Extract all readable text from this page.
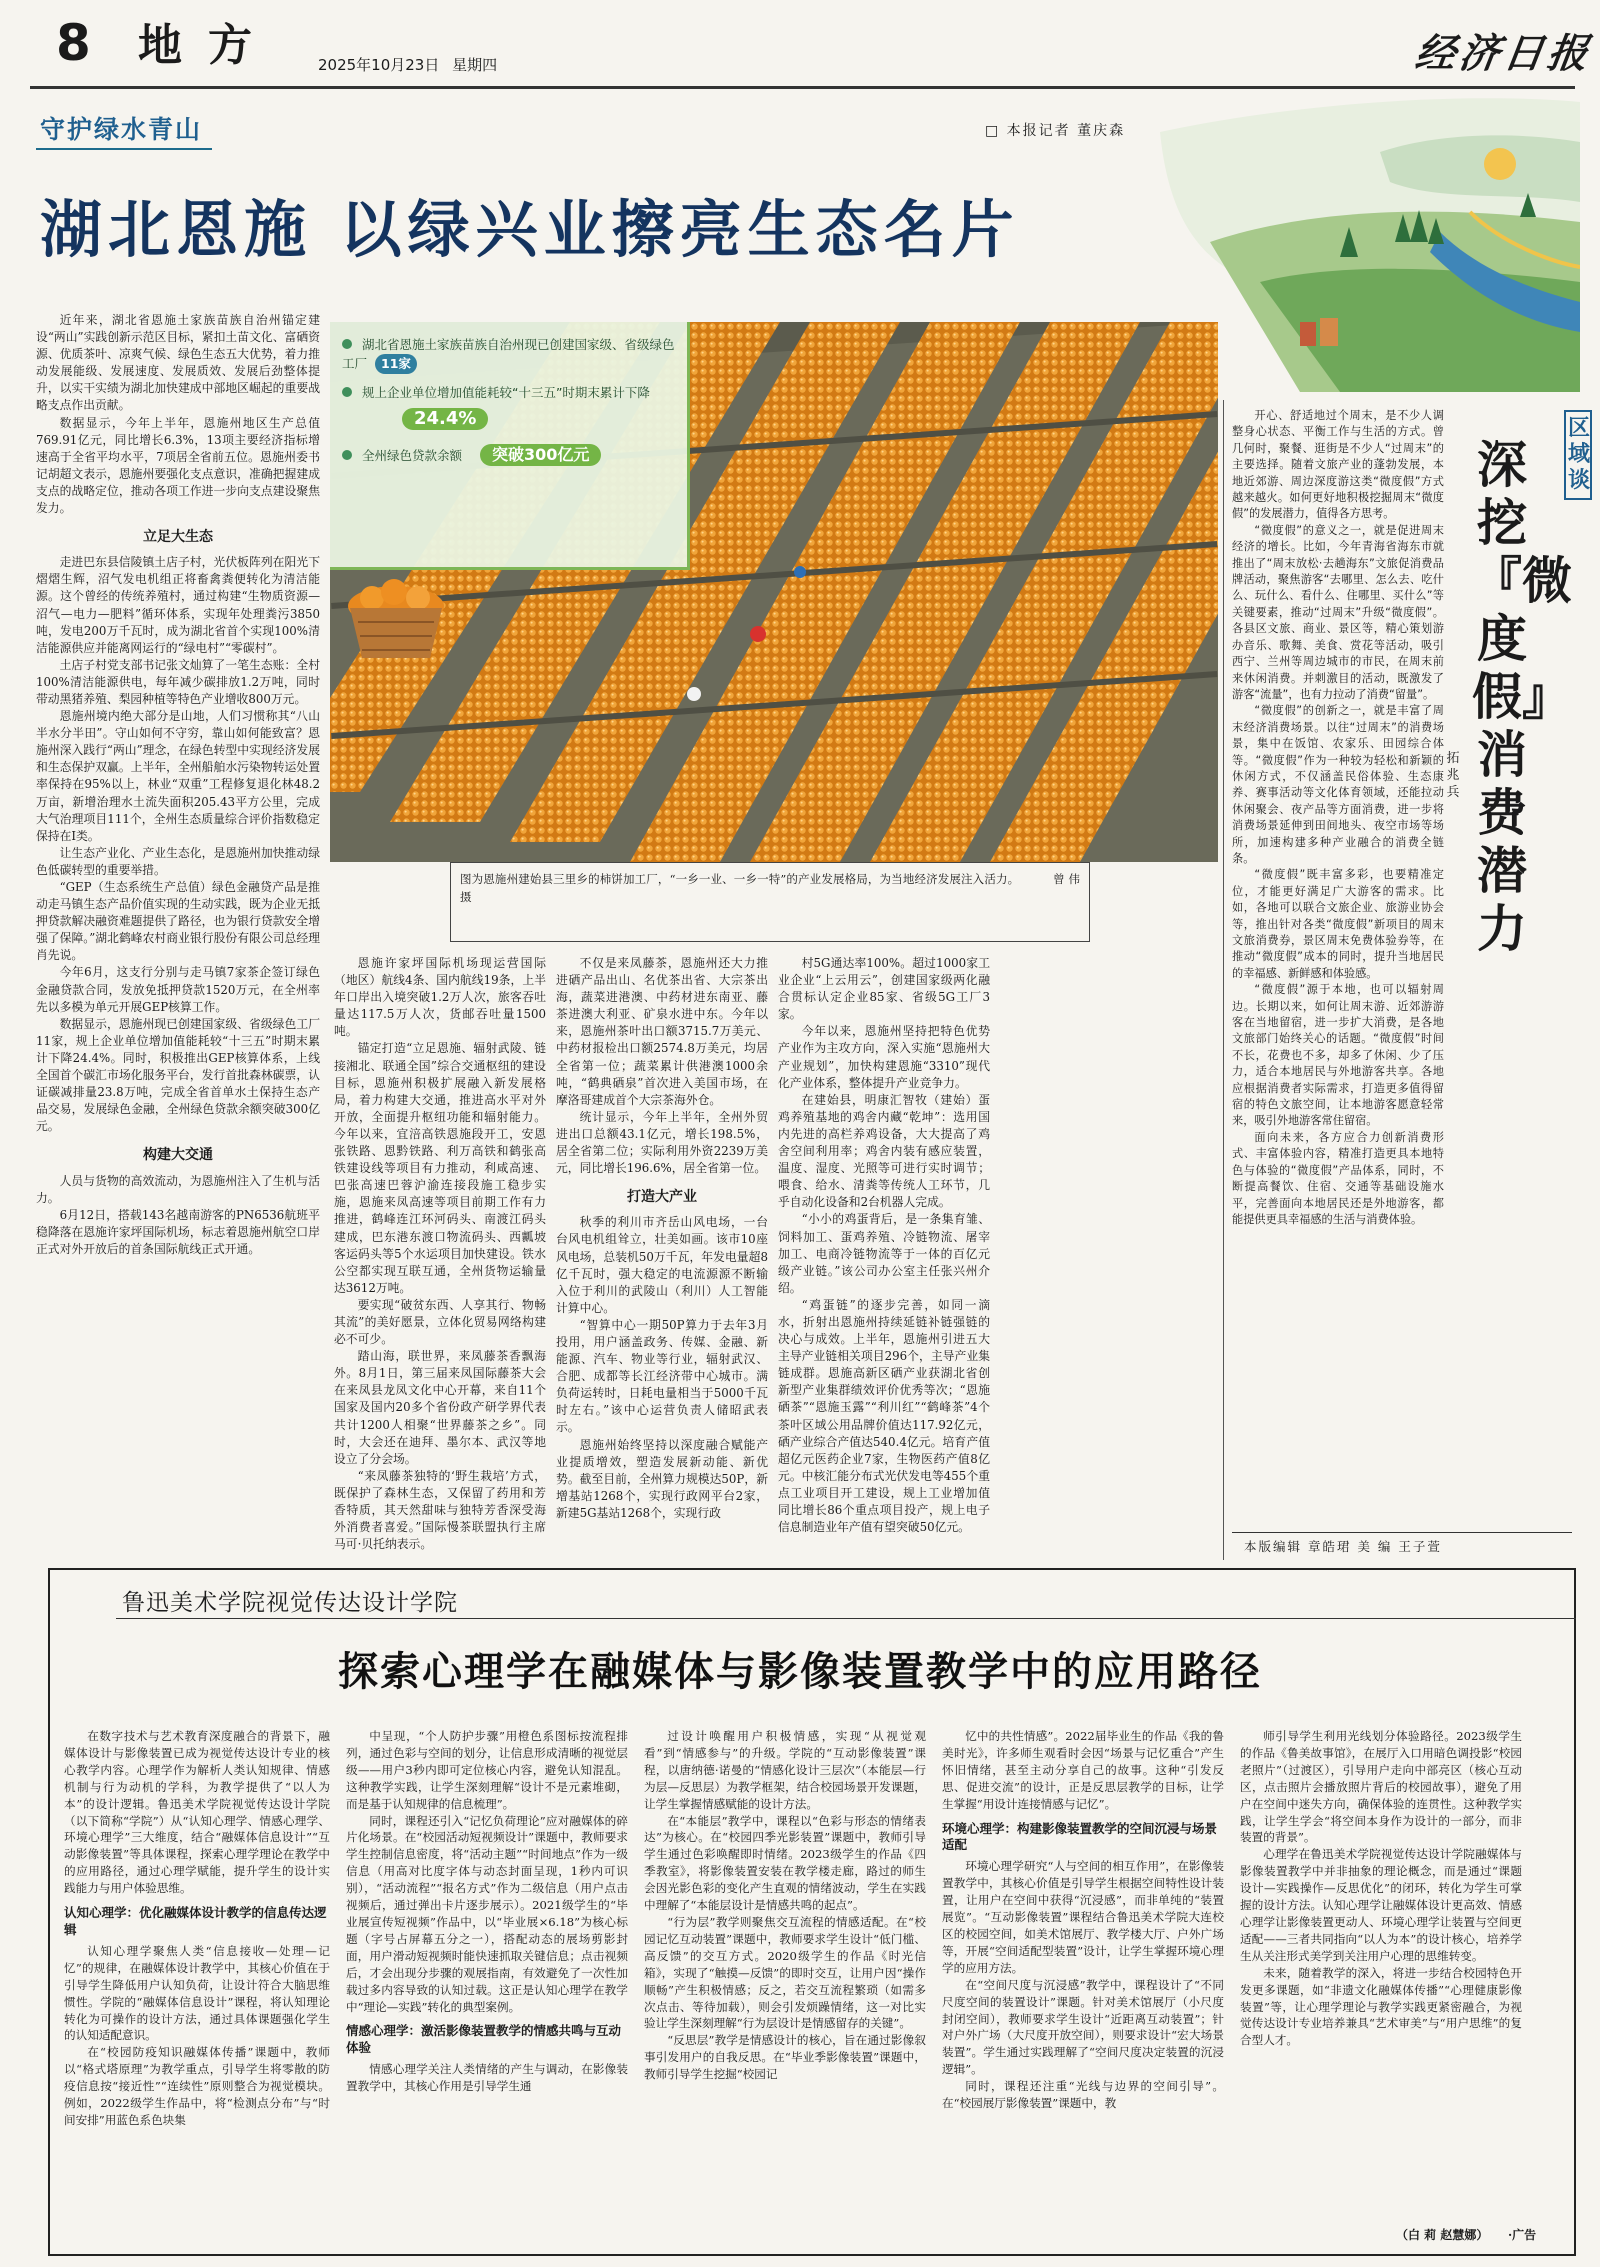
8 地方	2025年10月23日 星期四	经济日报
守护绿水青山	□ 本报记者 董庆森
湖北恩施 以绿兴业擦亮生态名片
湖北省恩施土家族苗族自治州现已创建国家级、省级绿色工厂 11家
规上企业单位增加值能耗较“十三五”时期末累计下降 24.4%
全州绿色贷款余额 突破300亿元
图为恩施州建始县三里乡的柿饼加工厂，“一乡一业、一乡一特”的产业发展格局，为当地经济发展注入活力。	曾 伟摄

近年来，湖北省恩施土家族苗族自治州锚定建设“两山”实践创新示范区目标，紧扣土苗文化、富硒资源、优质茶叶、凉爽气候、绿色生态五大优势，着力推动发展能级、发展速度、发展质效、发展后劲整体提升，以实干实绩为湖北加快建成中部地区崛起的重要战略支点作出贡献。

数据显示，今年上半年，恩施州地区生产总值769.91亿元，同比增长6.3%，13项主要经济指标增速高于全省平均水平，7项居全省前五位。恩施州委书记胡超文表示，恩施州要强化支点意识，准确把握建成支点的战略定位，推动各项工作进一步向支点建设聚焦发力。

立足大生态

走进巴东县信陵镇土店子村，光伏板阵列在阳光下熠熠生辉，沼气发电机组正将畜禽粪便转化为清洁能源。这个曾经的传统养殖村，通过构建“生物质资源—沼气—电力—肥料”循环体系，实现年处理粪污3850吨，发电200万千瓦时，成为湖北省首个实现100%清洁能源供应并能离网运行的“绿电村”“零碳村”。

土店子村党支部书记张文灿算了一笔生态账：全村100%清洁能源供电，每年减少碳排放1.2万吨，同时带动黑猪养殖、梨园种植等特色产业增收800万元。

恩施州境内绝大部分是山地，人们习惯称其“八山半水分半田”。守山如何不守穷，靠山如何能致富？恩施州深入践行“两山”理念，在绿色转型中实现经济发展和生态保护双赢。上半年，全州船舶水污染物转运处置率保持在95%以上，林业“双重”工程修复退化林48.2万亩，新增治理水土流失面积205.43平方公里，完成大气治理项目111个，全州生态质量综合评价指数稳定保持在Ⅰ类。

让生态产业化、产业生态化，是恩施州加快推动绿色低碳转型的重要举措。

“GEP（生态系统生产总值）绿色金融贷产品是推动走马镇生态产品价值实现的生动实践，既为企业无抵押贷款解决融资难题提供了路径，也为银行贷款安全增强了保障。”湖北鹤峰农村商业银行股份有限公司总经理肖先说。

今年6月，这支行分别与走马镇7家茶企签订绿色金融贷款合同，发放免抵押贷款1520万元，在全州率先以多模为单元开展GEP核算工作。

数据显示，恩施州现已创建国家级、省级绿色工厂11家，规上企业单位增加值能耗较“十三五”时期末累计下降24.4%。同时，积极推出GEP核算体系，上线全国首个碳汇市场化服务平台，发行首批森林碳票，认证碳减排量23.8万吨，完成全省首单水土保持生态产品交易，发展绿色金融，全州绿色贷款余额突破300亿元。

构建大交通

人员与货物的高效流动，为恩施州注入了生机与活力。

6月12日，搭载143名越南游客的PN6536航班平稳降落在恩施许家坪国际机场，标志着恩施州航空口岸正式对外开放后的首条国际航线正式开通。

恩施许家坪国际机场现运营国际（地区）航线4条、国内航线19条，上半年口岸出入境突破1.2万人次，旅客吞吐量达117.5万人次，货邮吞吐量1500吨。

锚定打造“立足恩施、辐射武陵、链接湘北、联通全国”综合交通枢纽的建设目标，恩施州积极扩展融入新发展格局，着力构建大交通，推进高水平对外开放，全面提升枢纽功能和辐射能力。今年以来，宜涪高铁恩施段开工，安恩张铁路、恩黔铁路、利万高铁和鹤张高铁建设线等项目有力推动，利咸高速、巴张高速巴蓉沪渝连接段施工稳步实施，恩施来凤高速等项目前期工作有力推进，鹤峰连江环河码头、南渡江码头建成，巴东港东渡口物流码头、西瓤坡客运码头等5个水运项目加快建设。铁水公空都实现互联互通，全州货物运输量达3612万吨。

要实现“破贫东西、人享其行、物畅其流”的美好愿景，立体化贸易网络构建必不可少。

踏山海，联世界，来凤藤茶香飘海外。8月1日，第三届来凤国际藤茶大会在来凤县龙凤文化中心开幕，来自11个国家及国内20多个省份政产研学界代表共计1200人相聚“世界藤茶之乡”。同时，大会还在迪拜、墨尔本、武汉等地设立了分会场。

“来凤藤茶独特的‘野生栽培’方式，既保护了森林生态，又保留了药用和芳香特质，其天然甜味与独特芳香深受海外消费者喜爱。”国际慢茶联盟执行主席马可·贝托纳表示。

不仅是来凤藤茶，恩施州还大力推进硒产品出山、名优茶出省、大宗茶出海，蔬菜进港澳、中药材进东南亚、藤茶进澳大利亚、矿泉水进中东。今年以来，恩施州茶叶出口额3715.7万美元、中药材报检出口额2574.8万美元，均居全省第一位；蔬菜累计供港澳1000余吨，“鹤典硒泉”首次进入美国市场，在摩洛哥建成首个大宗茶海外仓。

统计显示，今年上半年，全州外贸进出口总额43.1亿元，增长198.5%，居全省第二位；实际利用外资2239万美元，同比增长196.6%，居全省第一位。

打造大产业

秋季的利川市齐岳山风电场，一台台风电机组耸立，壮美如画。该市10座风电场，总装机50万千瓦，年发电量超8亿千瓦时，强大稳定的电流源源不断输入位于利川的武陵山（利川）人工智能计算中心。

“智算中心一期50P算力于去年3月投用，用户涵盖政务、传媒、金融、新能源、汽车、物业等行业，辐射武汉、合肥、成都等长江经济带中心城市。满负荷运转时，日耗电量相当于5000千瓦时左右。”该中心运营负责人储昭武表示。

恩施州始终坚持以深度融合赋能产业提质增效，塑造发展新动能、新优势。截至目前，全州算力规模达50P，新增基站1268个，实现行政网平台2家，新建5G基站1268个，实现行政

村5G通达率100%。超过1000家工业企业“上云用云”，创建国家级两化融合贯标认定企业85家、省级5G工厂3家。

今年以来，恩施州坚持把特色优势产业作为主攻方向，深入实施“恩施州大产业规划”，加快构建恩施“3310”现代化产业体系，整体提升产业竞争力。

在建始县，明康汇智牧（建始）蛋鸡养殖基地的鸡舍内藏“乾坤”：选用国内先进的高栏养鸡设备，大大提高了鸡舍空间利用率；鸡舍内装有感应装置，温度、湿度、光照等可进行实时调节；喂食、给水、清粪等传统人工环节，几乎自动化设备和2台机器人完成。

“小小的鸡蛋背后，是一条集育雏、饲料加工、蛋鸡养殖、冷链物流、屠宰加工、电商冷链物流等于一体的百亿元级产业链。”该公司办公室主任张兴州介绍。

“鸡蛋链”的逐步完善，如同一滴水，折射出恩施州持续延链补链强链的决心与成效。上半年，恩施州引进五大主导产业链相关项目296个，主导产业集链成群。恩施高新区硒产业获湖北省创新型产业集群绩效评价优秀等次；“恩施硒茶”“恩施玉露”“利川红”“鹤峰茶”4个茶叶区域公用品牌价值达117.92亿元，硒产业综合产值达540.4亿元。培育产值超亿元医药企业7家，生物医药产值8亿元。中核汇能分布式光伏发电等455个重点工业项目开工建设，规上工业增加值同比增长86个重点项目投产，规上电子信息制造业年产值有望突破50亿元。

开心、舒适地过个周末，是不少人调整身心状态、平衡工作与生活的方式。曾几何时，聚餐、逛街是不少人“过周末”的主要选择。随着文旅产业的蓬勃发展，本地近郊游、周边深度游这类“微度假”方式越来越火。如何更好地积极挖掘周末“微度假”的发展潜力，值得各方思考。

“微度假”的意义之一，就是促进周末经济的增长。比如，今年青海省海东市就推出了“周末放松·去趟海东”文旅促消费品牌活动，聚焦游客“去哪里、怎么去、吃什么、玩什么、看什么、住哪里、买什么”等关键要素，推动“过周末”升级“微度假”。各县区文旅、商业、景区等，精心策划游办音乐、歌舞、美食、赏花等活动，吸引西宁、兰州等周边城市的市民，在周末前来休闲消费。并刺激目的活动，既激发了游客“流量”，也有力拉动了消费“留量”。

“微度假”的创新之一，就是丰富了周末经济消费场景。以往“过周末”的消费场景，集中在饭馆、农家乐、田园综合体等。“微度假”作为一种较为轻松和新颖的休闲方式，不仅涵盖民俗体验、生态康养、赛事活动等文化体育领域，还能拉动休闲聚会、夜产品等方面消费，进一步将消费场景延伸到田间地头、夜空市场等场所，加速构建多种产业融合的消费全链条。

“微度假”既丰富多彩，也要精准定位，才能更好满足广大游客的需求。比如，各地可以联合文旅企业、旅游业协会等，推出针对各类“微度假”新项目的周末文旅消费券，景区周末免费体验券等，在推动“微度假”成本的同时，提升当地居民的幸福感、新鲜感和体验感。

“微度假”源于本地，也可以辐射周边。长期以来，如何让周末游、近郊游游客在当地留宿，进一步扩大消费，是各地文旅部门始终关心的话题。“微度假”时间不长，花费也不多，却多了休闲、少了压力，适合本地居民与外地游客共享。各地应根据消费者实际需求，打造更多值得留宿的特色文旅空间，让本地游客愿意轻常来，吸引外地游客常住留宿。

面向未来，各方应合力创新消费形式、丰富体验内容，精准打造更具本地特色与体验的“微度假”产品体系，同时，不断提高餐饮、住宿、交通等基础设施水平，完善面向本地居民还是外地游客，都能提供更具幸福感的生活与消费体验。

区域谈
深挖『微度假』消费潜力
拓兆兵
本版编辑 章皓珺 美 编 王子萱
鲁迅美术学院视觉传达设计学院
探索心理学在融媒体与影像装置教学中的应用路径

在数字技术与艺术教育深度融合的背景下，融媒体设计与影像装置已成为视觉传达设计专业的核心教学内容。心理学作为解析人类认知规律、情感机制与行为动机的学科，为教学提供了“以人为本”的设计逻辑。鲁迅美术学院视觉传达设计学院（以下简称“学院”）从“认知心理学、情感心理学、环境心理学”三大维度，结合“融媒体信息设计”“互动影像装置”等具体课程，探索心理学理论在教学中的应用路径，通过心理学赋能，提升学生的设计实践能力与用户体验思维。

认知心理学：优化融媒体设计教学的信息传达逻辑

认知心理学聚焦人类“信息接收—处理—记忆”的规律，在融媒体设计教学中，其核心价值在于引导学生降低用户认知负荷，让设计符合大脑思维惯性。学院的“融媒体信息设计”课程，将认知理论转化为可操作的设计方法，通过具体课题强化学生的认知适配意识。

在“校园防疫知识融媒体传播”课题中，教师以“格式塔原理”为教学重点，引导学生将零散的防疫信息按“接近性”“连续性”原则整合为视觉模块。例如，2022级学生作品中，将“检测点分布”与“时间安排”用蓝色系色块集

中呈现，“个人防护步骤”用橙色系图标按流程排列，通过色彩与空间的划分，让信息形成清晰的视觉层级——用户3秒内即可定位核心内容，避免认知混乱。这种教学实践，让学生深刻理解“设计不是元素堆砌，而是基于认知规律的信息梳理”。

同时，课程还引入“记忆负荷理论”应对融媒体的碎片化场景。在“校园活动短视频设计”课题中，教师要求学生控制信息密度，将“活动主题”“时间地点”作为一级信息（用高对比度字体与动态封面呈现，1秒内可识别），“活动流程”“报名方式”作为二级信息（用户点击视频后，通过弹出卡片逐步展示）。2021级学生的“毕业展宣传短视频”作品中，以“毕业展×6.18”为核心标题（字号占屏幕五分之一），搭配动态的展场剪影封面，用户滑动短视频时能快速抓取关键信息；点击视频后，才会出现分步骤的观展指南，有效避免了一次性加载过多内容导致的认知过载。这正是认知心理学在教学中“理论—实践”转化的典型案例。

情感心理学：激活影像装置教学的情感共鸣与互动体验

情感心理学关注人类情绪的产生与调动，在影像装置教学中，其核心作用是引导学生通

过设计唤醒用户积极情感，实现“从视觉观看”到“情感参与”的升级。学院的“互动影像装置”课程，以唐纳德·诺曼的“情感化设计三层次”（本能层—行为层—反思层）为教学框架，结合校园场景开发课题，让学生掌握情感赋能的设计方法。

在“本能层”教学中，课程以“色彩与形态的情绪表达”为核心。在“校园四季光影装置”课题中，教师引导学生通过色彩唤醒即时情绪。2023级学生的作品《四季教室》，将影像装置安装在教学楼走廊，路过的师生会因光影色彩的变化产生直观的情绪波动，学生在实践中理解了“本能层设计是情感共鸣的起点”。

“行为层”教学则聚焦交互流程的情感适配。在“校园记忆互动装置”课题中，教师要求学生设计“低门槛、高反馈”的交互方式。2020级学生的作品《时光信箱》，实现了“触摸—反馈”的即时交互，让用户因“操作顺畅”产生积极情感；反之，若交互流程繁琐（如需多次点击、等待加载），则会引发烦躁情绪，这一对比实验让学生深刻理解“行为层设计是情感留存的关键”。

“反思层”教学是情感设计的核心，旨在通过影像叙事引发用户的自我反思。在“毕业季影像装置”课题中，教师引导学生挖掘“校园记

忆中的共性情感”。2022届毕业生的作品《我的鲁美时光》，许多师生观看时会因“场景与记忆重合”产生怀旧情绪，甚至主动分享自己的故事。这种“引发反思、促进交流”的设计，正是反思层教学的目标，让学生掌握“用设计连接情感与记忆”。

环境心理学：构建影像装置教学的空间沉浸与场景适配

环境心理学研究“人与空间的相互作用”，在影像装置教学中，其核心价值是引导学生根据空间特性设计装置，让用户在空间中获得“沉浸感”，而非单纯的“装置展览”。“互动影像装置”课程结合鲁迅美术学院大连校区的校园空间，如美术馆展厅、教学楼大厅、户外广场等，开展“空间适配型装置”设计，让学生掌握环境心理学的应用方法。

在“空间尺度与沉浸感”教学中，课程设计了“不同尺度空间的装置设计”课题。针对美术馆展厅（小尺度封闭空间），教师要求学生设计“近距离互动装置”；针对户外广场（大尺度开放空间），则要求设计“宏大场景装置”。学生通过实践理解了“空间尺度决定装置的沉浸逻辑”。

同时，课程还注重“光线与边界的空间引导”。在“校园展厅影像装置”课题中，教

师引导学生利用光线划分体验路径。2023级学生的作品《鲁美故事馆》，在展厅入口用暗色调投影“校园老照片”（过渡区），引导用户走向中部亮区（核心互动区，点击照片会播放照片背后的校园故事），避免了用户在空间中迷失方向，确保体验的连贯性。这种教学实践，让学生学会“将空间本身作为设计的一部分，而非装置的背景”。

心理学在鲁迅美术学院视觉传达设计学院融媒体与影像装置教学中并非抽象的理论概念，而是通过“课题设计—实践操作—反思优化”的闭环，转化为学生可掌握的设计方法。认知心理学让融媒体设计更高效、情感心理学让影像装置更动人、环境心理学让装置与空间更适配——三者共同指向“以人为本”的设计核心，培养学生从关注形式美学到关注用户心理的思维转变。

未来，随着教学的深入，将进一步结合校园特色开发更多课题，如“非遗文化融媒体传播”“心理健康影像装置”等，让心理学理论与教学实践更紧密融合，为视觉传达设计专业培养兼具“艺术审美”与“用户思维”的复合型人才。

（白 莉 赵慧娜） ·广告
